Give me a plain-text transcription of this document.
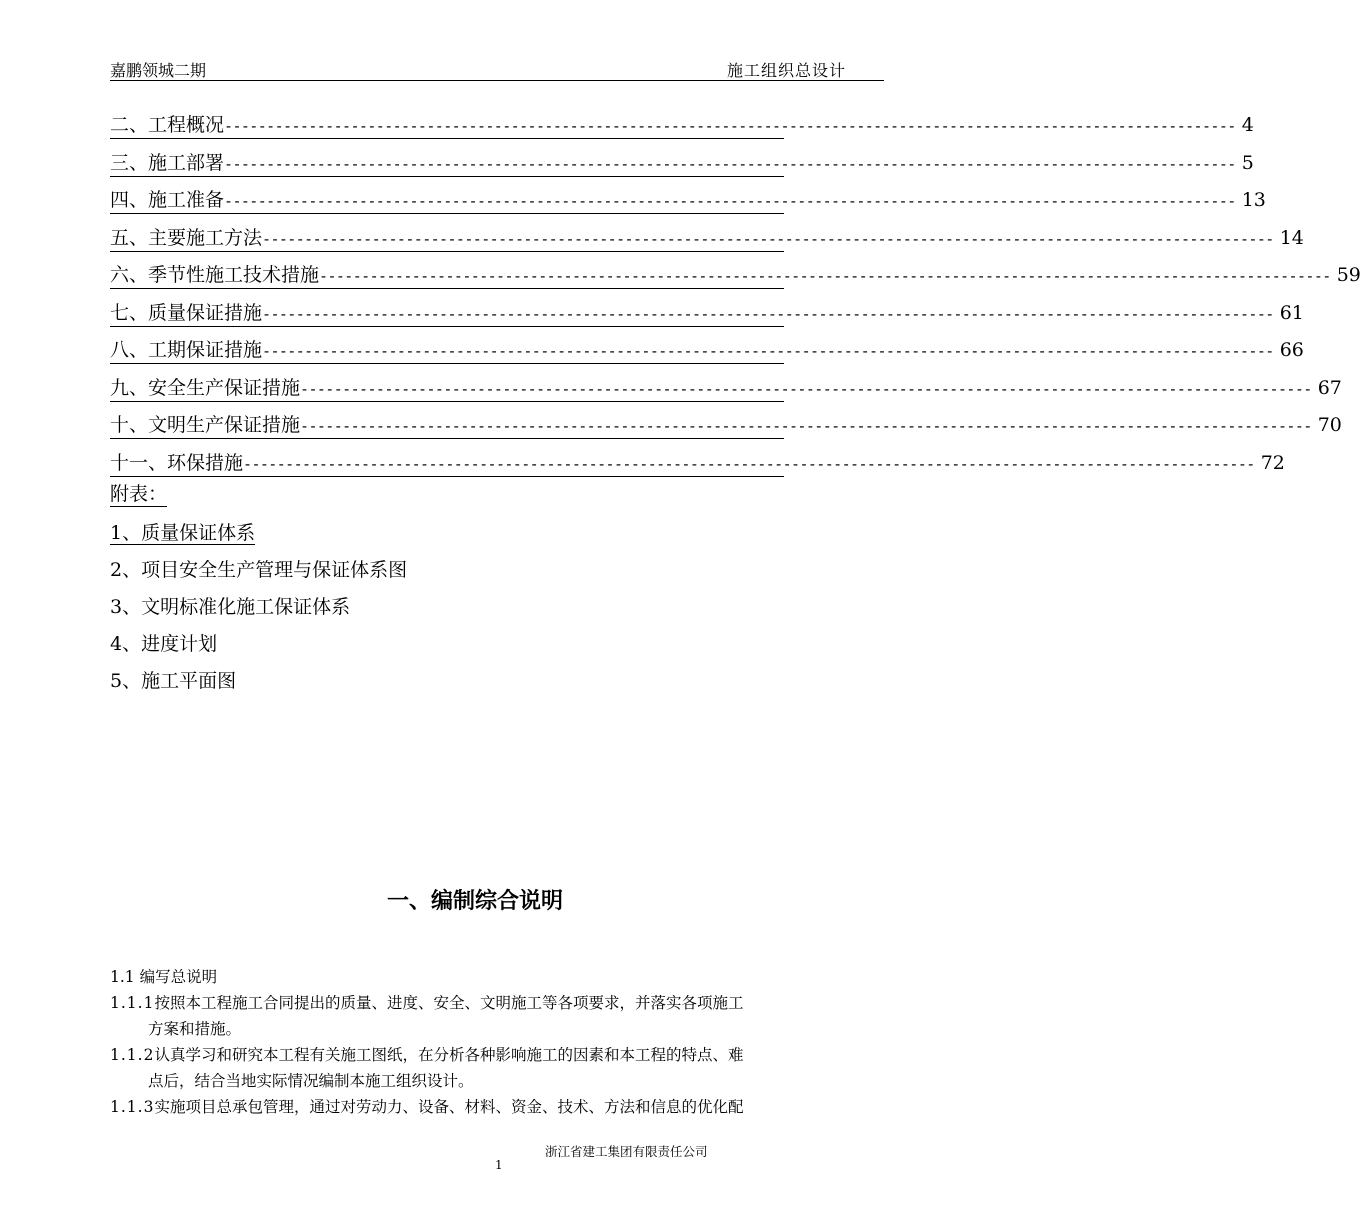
嘉鹏领城二期	施工组织总设计
二、工程概况 ------------------------------------------------------------------------------------------------------------------------ 4
三、施工部署 ------------------------------------------------------------------------------------------------------------------------ 5
四、施工准备 ------------------------------------------------------------------------------------------------------------------------ 13
五、主要施工方法 ------------------------------------------------------------------------------------------------------------------------ 14
六、季节性施工技术措施 ------------------------------------------------------------------------------------------------------------------------ 59
七、质量保证措施 ------------------------------------------------------------------------------------------------------------------------ 61
八、工期保证措施 ------------------------------------------------------------------------------------------------------------------------ 66
九、安全生产保证措施 ------------------------------------------------------------------------------------------------------------------------ 67
十、文明生产保证措施 ------------------------------------------------------------------------------------------------------------------------ 70
十一、环保措施 ------------------------------------------------------------------------------------------------------------------------ 72
附表：
1、质量保证体系
2、项目安全生产管理与保证体系图
3、文明标准化施工保证体系
4、进度计划
5、施工平面图
一、编制综合说明
1.1 编写总说明
1.1.1按照本工程施工合同提出的质量、进度、安全、文明施工等各项要求，并落实各项施工
方案和措施。
1.1.2认真学习和研究本工程有关施工图纸，在分析各种影响施工的因素和本工程的特点、难
点后，结合当地实际情况编制本施工组织设计。
1.1.3实施项目总承包管理，通过对劳动力、设备、材料、资金、技术、方法和信息的优化配
浙江省建工集团有限责任公司
1
